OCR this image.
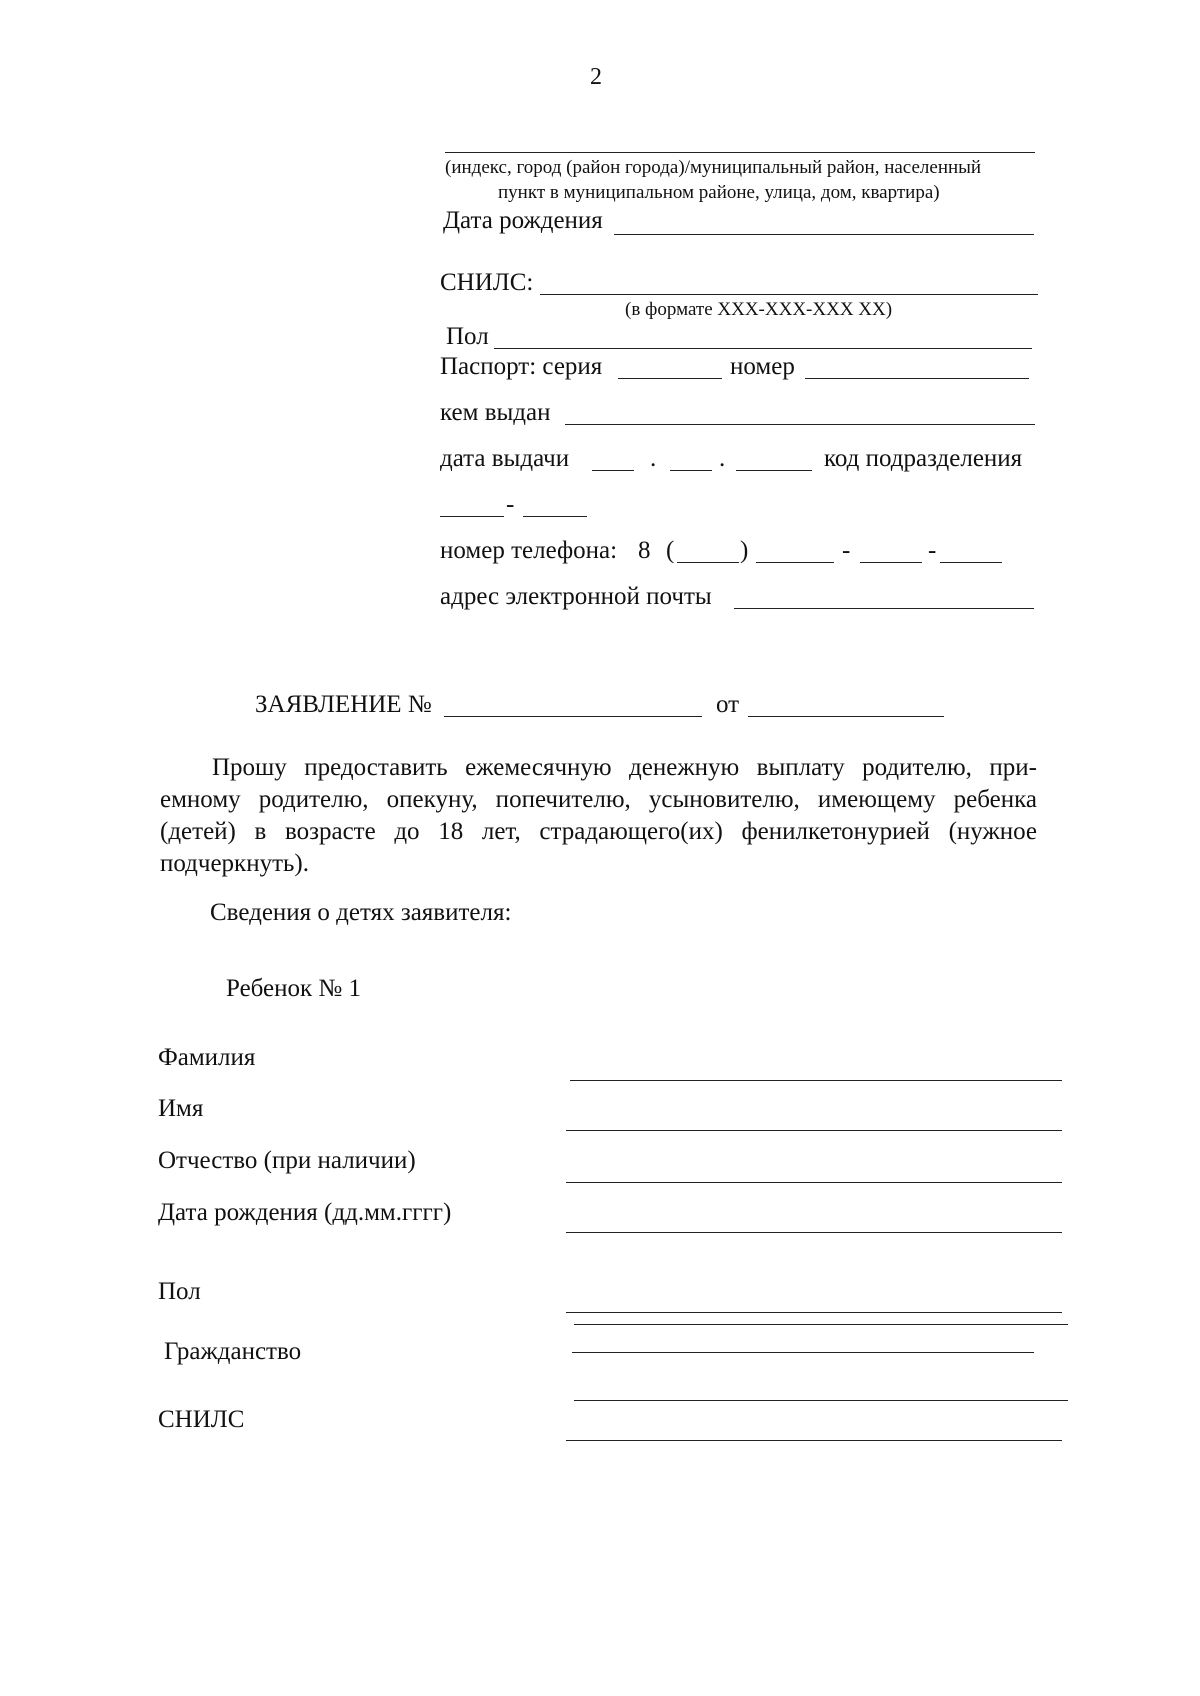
2
(индекс, город (район города)/муниципальный район, населенный
пункт в муниципальном районе, улица, дом, квартира)
Дата рождения
СНИЛС:
(в формате XXX-XXX-XXX XX)
Пол
Паспорт: серия	номер
кем выдан
дата выдачи	.	.	код подразделения
-
номер телефона: 8 (	)	-	-
адрес электронной почты
ЗАЯВЛЕНИЕ №	от
Прошу предоставить ежемесячную денежную выплату родителю, при-
емному родителю, опекуну, попечителю, усыновителю, имеющему ребенка
(детей) в возрасте до 18 лет, страдающего(их) фенилкетонурией (нужное
подчеркнуть).
Сведения о детях заявителя:
Ребенок № 1
Фамилия
Имя
Отчество (при наличии)
Дата рождения (дд.мм.гггг)
Пол
Гражданство
СНИЛС
